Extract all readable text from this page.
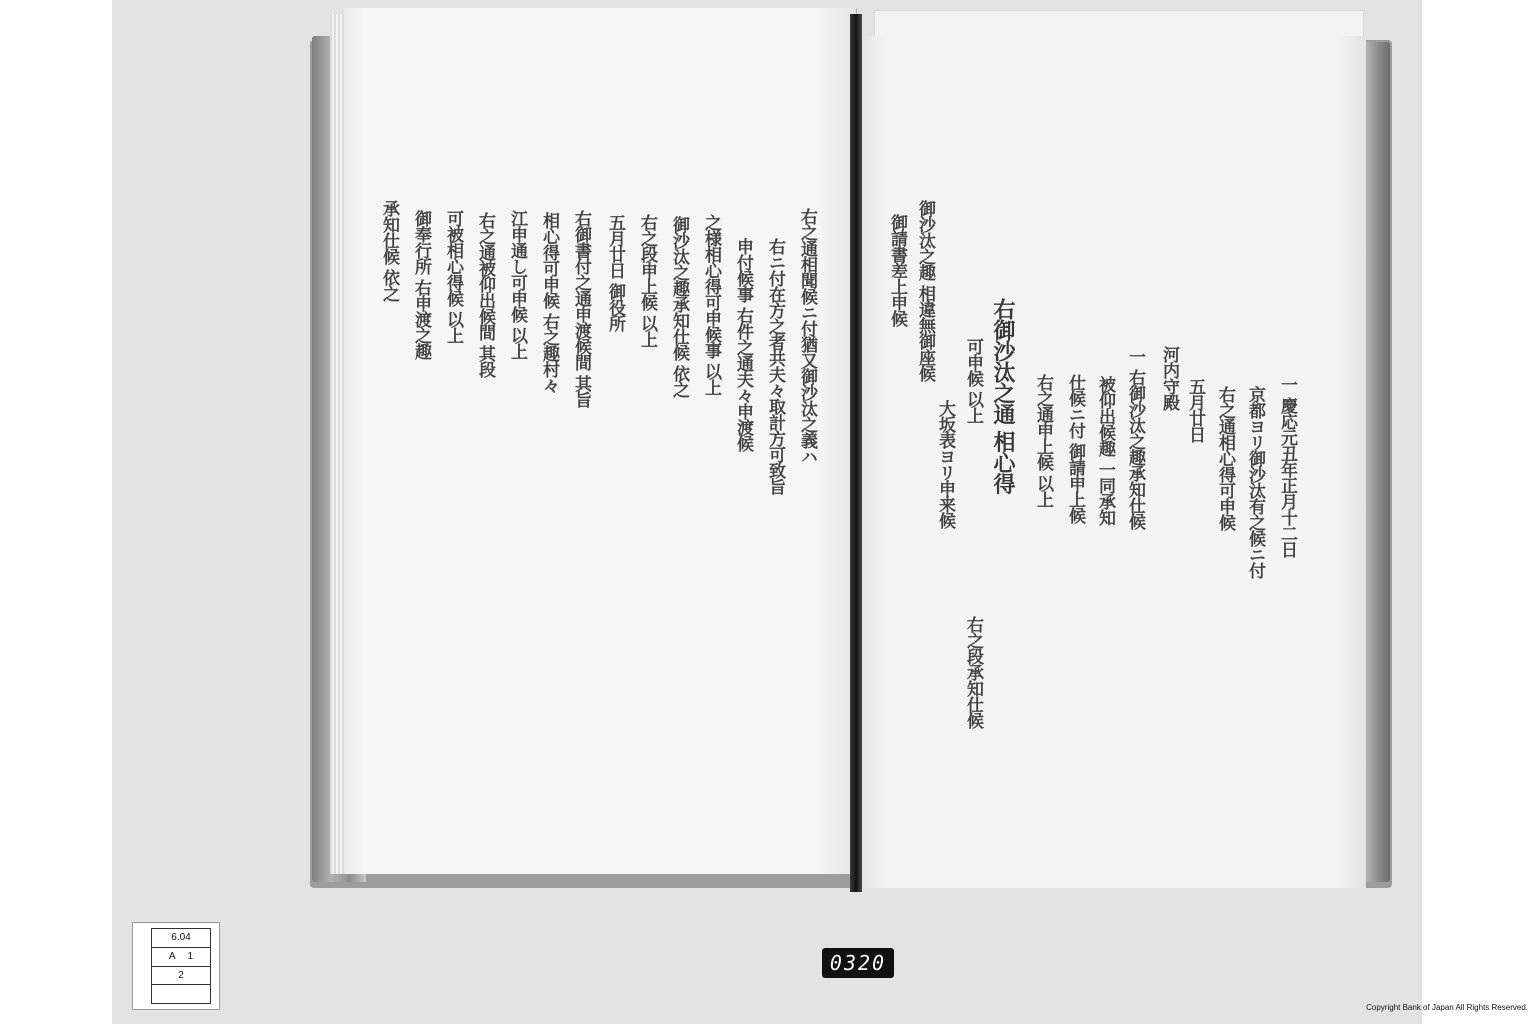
右之通相聞候ニ付猶又御沙汰之義ハ
右ニ付在方之者共夫々取計方可致旨
申付候事 右件之通夫々申渡候
之様相心得可申候事 以上
御沙汰之趣承知仕候 依之
右之段申上候 以上
五月廿日 御役所
右御書付之通申渡候間 其旨
相心得可申候 右之趣村々
江申通し可申候 以上
右之通被仰出候間 其段
可被相心得候 以上
御奉行所 右申渡之趣
承知仕候 依之
一 慶応元丑年正月十二日
京都ヨリ御沙汰有之候ニ付
右之通相心得可申候
五月廿日
河内守殿
一 右御沙汰之趣承知仕候
被仰出候趣 一同承知
仕候ニ付 御請申上候
右之通申上候 以上
右御沙汰之通 相心得
可申候 以上
大坂表ヨリ申来候
右之段承知仕候
御沙汰之趣 相違無御座候
御請書差上申候
6.04
A	1
2
0320
Copyright Bank of Japan All Rights Reserved.
